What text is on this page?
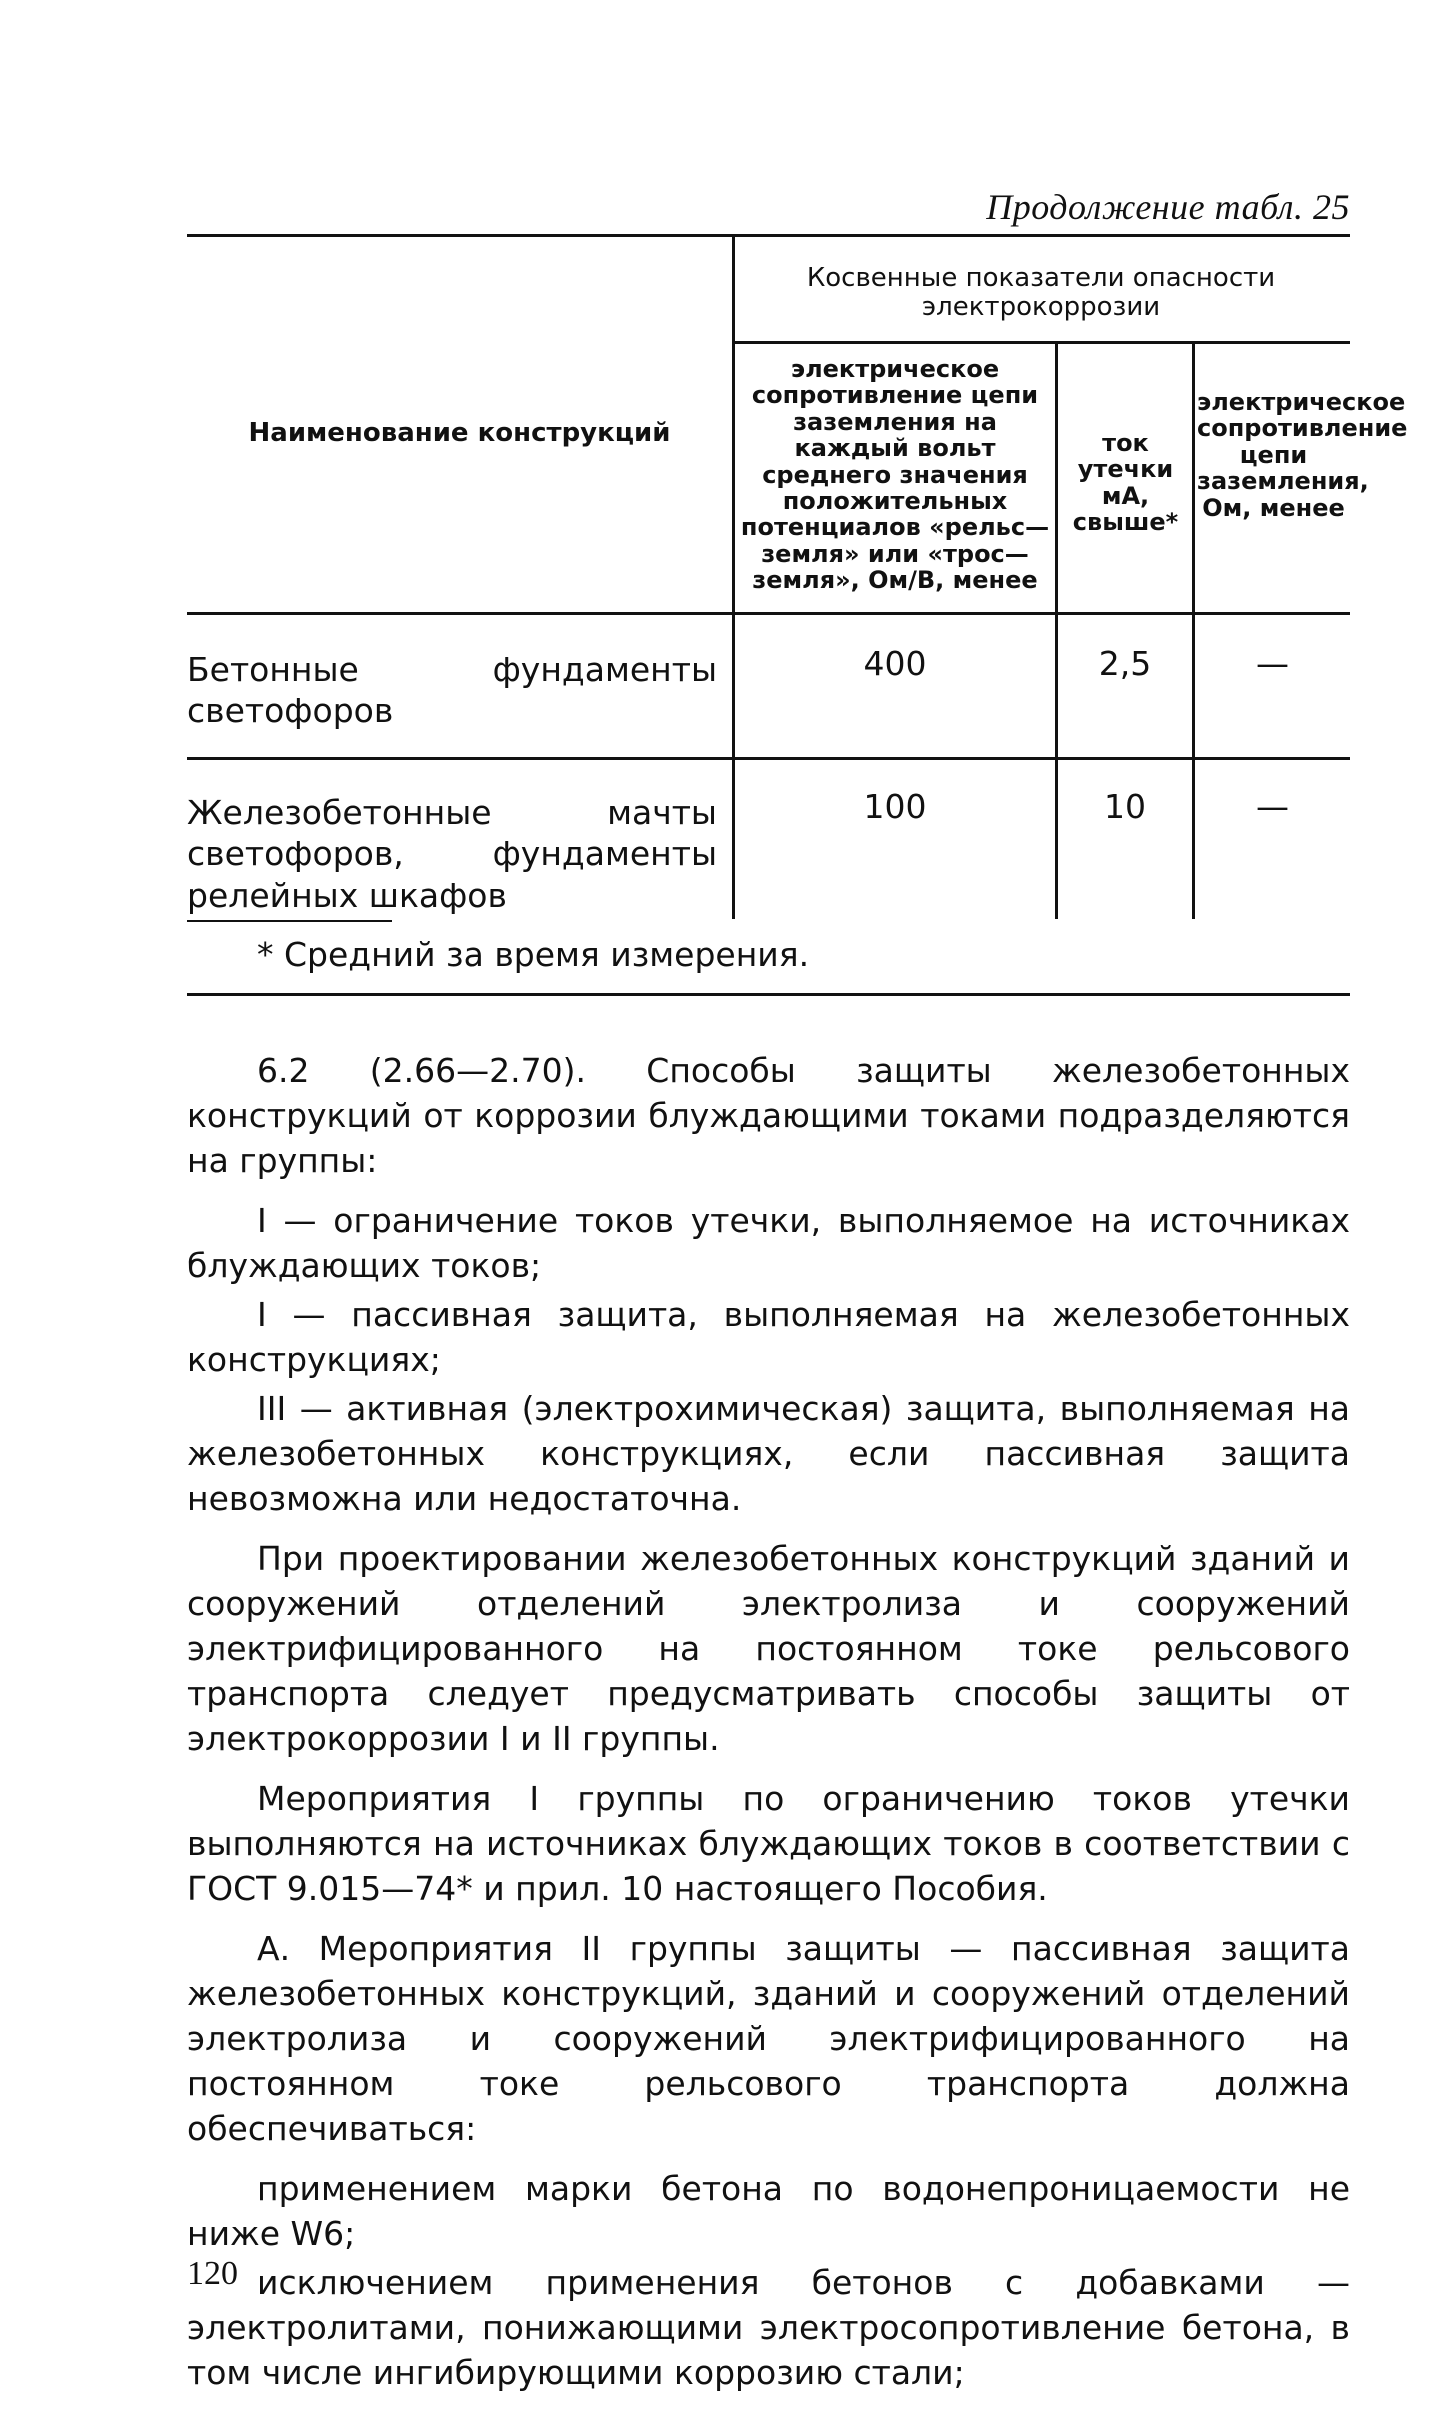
Продолжение табл. 25
Наименование конструкций
Косвенные показатели опасности электрокоррозии
электрическое сопротивление цепи заземления на каждый вольт среднего значения положительных потенциалов «рельс—земля» или «трос—земля», Ом/В, менее
ток утечки мА, свыше*
электрическое сопротивление цепи заземления, Ом, менее
Бетонные фундаменты светофоров
400	2,5	—
Железобетонные мачты светофоров, фундаменты релейных шкафов
100	10	—
* Средний за время измерения.

6.2 (2.66—2.70). Способы защиты железобетонных конструкций от коррозии блуждающими токами подразделяются на группы:

I — ограничение токов утечки, выполняемое на источниках блуждающих токов;

I — пассивная защита, выполняемая на железобетонных конструкциях;

III — активная (электрохимическая) защита, выполняемая на железобетонных конструкциях, если пассивная защита невозможна или недостаточна.

При проектировании железобетонных конструкций зданий и сооружений отделений электролиза и сооружений электрифицированного на постоянном токе рельсового транспорта следует предусматривать способы защиты от электрокоррозии I и II группы.

Мероприятия I группы по ограничению токов утечки выполняются на источниках блуждающих токов в соответствии с ГОСТ 9.015—74* и прил. 10 настоящего Пособия.

А. Мероприятия II группы защиты — пассивная защита железобетонных конструкций, зданий и сооружений отделений электролиза и сооружений электрифицированного на постоянном токе рельсового транспорта должна обеспечиваться:

применением марки бетона по водонепроницаемости не ниже W6;

исключением применения бетонов с добавками — электролитами, понижающими электросопротивление бетона, в том числе ингибирующими коррозию стали;

120
